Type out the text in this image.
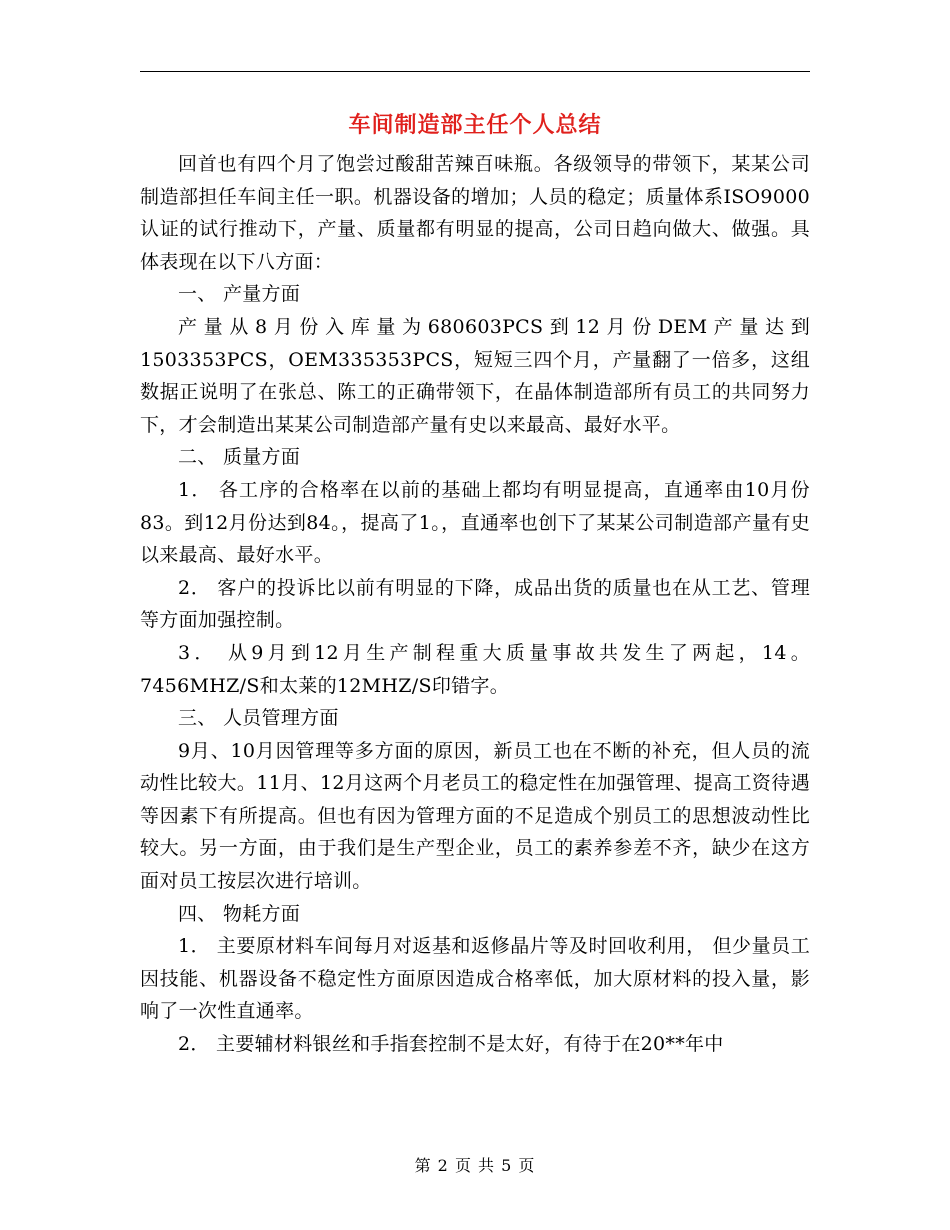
车间制造部主任个人总结

回首也有四个月了饱尝过酸甜苦辣百味瓶。各级领导的带领下，某某公司制造部担任车间主任一职。机器设备的增加；人员的稳定；质量体系ISO9000认证的试行推动下，产量、质量都有明显的提高，公司日趋向做大、做强。具体表现在以下八方面：

一、 产量方面

产量从8月份入库量为680603PCS到12月份DEM产量达到1503353PCS，OEM335353PCS，短短三四个月，产量翻了一倍多，这组数据正说明了在张总、陈工的正确带领下，在晶体制造部所有员工的共同努力下，才会制造出某某公司制造部产量有史以来最高、最好水平。

二、 质量方面

1． 各工序的合格率在以前的基础上都均有明显提高，直通率由10月份83。到12月份达到84。，提高了1。，直通率也创下了某某公司制造部产量有史以来最高、最好水平。

2． 客户的投诉比以前有明显的下降，成品出货的质量也在从工艺、管理等方面加强控制。

3． 从9月到12月生产制程重大质量事故共发生了两起，14。7456MHZ/S和太莱的12MHZ/S印错字。

三、 人员管理方面

9月、10月因管理等多方面的原因，新员工也在不断的补充，但人员的流动性比较大。11月、12月这两个月老员工的稳定性在加强管理、提高工资待遇等因素下有所提高。但也有因为管理方面的不足造成个别员工的思想波动性比较大。另一方面，由于我们是生产型企业，员工的素养参差不齐，缺少在这方面对员工按层次进行培训。

四、 物耗方面

1． 主要原材料车间每月对返基和返修晶片等及时回收利用， 但少量员工因技能、机器设备不稳定性方面原因造成合格率低，加大原材料的投入量，影响了一次性直通率。

2． 主要辅材料银丝和手指套控制不是太好，有待于在20**年中

第 2 页 共 5 页
